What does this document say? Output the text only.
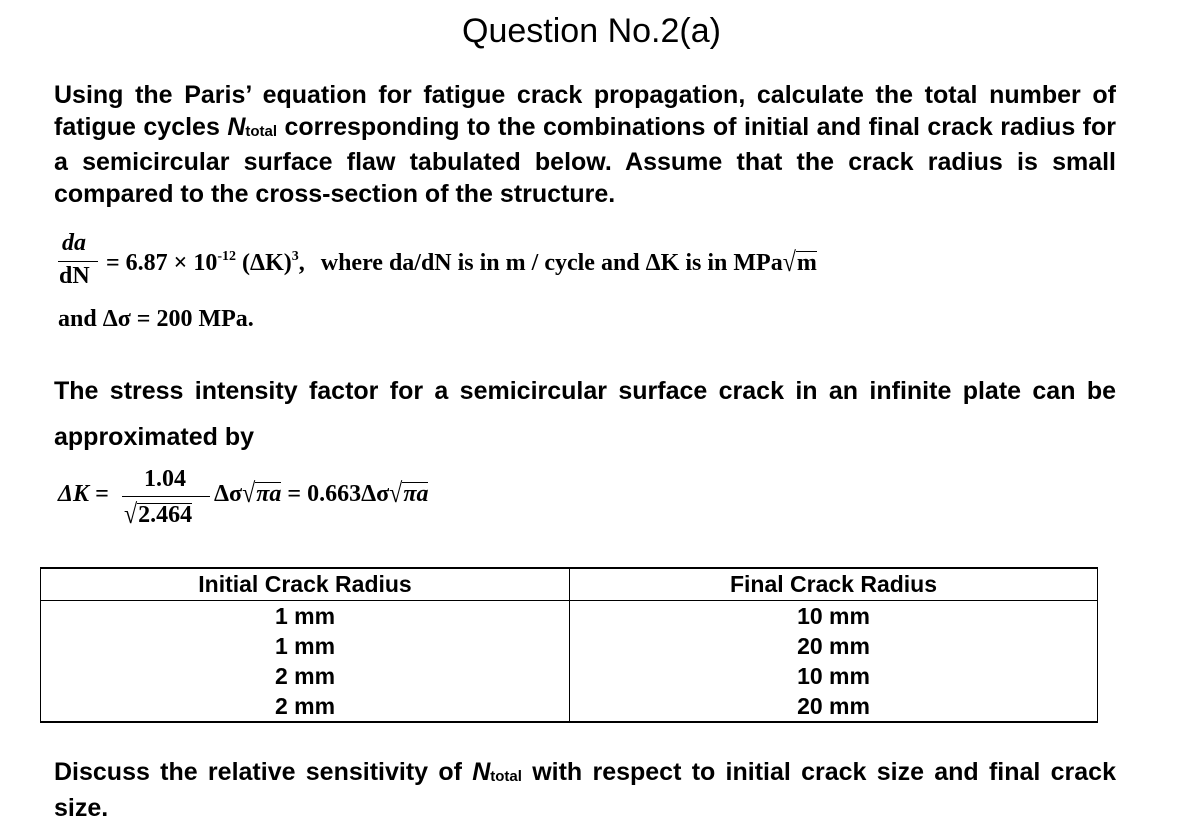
Question No.2(a)

Using the Paris’ equation for fatigue crack propagation, calculate the total number of fatigue cycles $N_{total}$ corresponding to the combinations of initial and final crack radius for a semicircular surface flaw tabulated below. Assume that the crack radius is small compared to the cross-section of the structure.

da
dN = $6.87 \times 10^{-12}$ $(\Delta K)^3$, where da/dN is in m / cycle and ΔK is in MPa√m
and Δσ = 200 MPa.

The stress intensity factor for a semicircular surface crack in an infinite plate can be approximated by

ΔK =
1.04
√2.464
Δσ√πa = 0.663Δσ√πa
Initial Crack Radius	Final Crack Radius
1 mm	10 mm
1 mm	20 mm
2 mm	10 mm
2 mm	20 mm

Discuss the relative sensitivity of $N_{total}$ with respect to initial crack size and final crack size.
